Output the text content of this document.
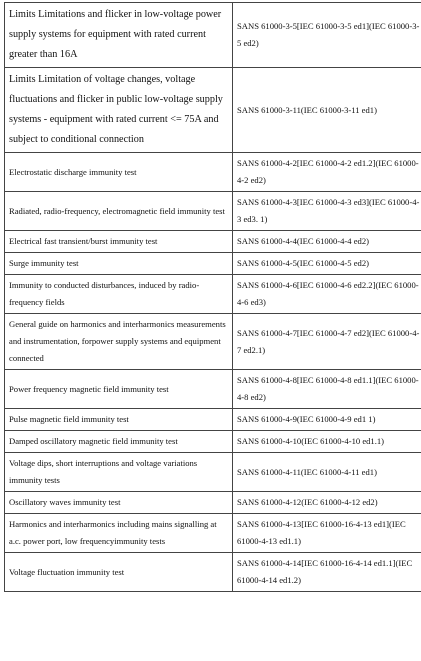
Limits Limitations and flicker in low-voltage power supply systems for equipment with rated current greater than 16A	SANS 61000-3-5[IEC 61000-3-5 ed1](IEC 61000-3-5 ed2)
Limits Limitation of voltage changes, voltage fluctuations and flicker in public low-voltage supply systems - equipment with rated current <= 75A and subject to conditional connection	SANS 61000-3-11(IEC 61000-3-11 ed1)
Electrostatic discharge immunity test	SANS 61000-4-2[IEC 61000-4-2 ed1.2](IEC 61000-4-2 ed2)
Radiated, radio-frequency, electromagnetic field immunity test	SANS 61000-4-3[IEC 61000-4-3 ed3](IEC 61000-4-3 ed3. 1)
Electrical fast transient/burst immunity test	SANS 61000-4-4(IEC 61000-4-4 ed2)
Surge immunity test	SANS 61000-4-5(IEC 61000-4-5 ed2)
Immunity to conducted disturbances, induced by radio-frequency fields	SANS 61000-4-6[IEC 61000-4-6 ed2.2](IEC 61000-4-6 ed3)
General guide on harmonics and interharmonics measurements and instrumentation, forpower supply systems and equipment connected	SANS 61000-4-7[IEC 61000-4-7 ed2](IEC 61000-4-7 ed2.1)
Power frequency magnetic field immunity test	SANS 61000-4-8[IEC 61000-4-8 ed1.1](IEC 61000-4-8 ed2)
Pulse magnetic field immunity test	SANS 61000-4-9(IEC 61000-4-9 ed1 1)
Damped oscillatory magnetic field immunity test	SANS 61000-4-10(IEC 61000-4-10 ed1.1)
Voltage dips, short interruptions and voltage variations immunity tests	SANS 61000-4-11(IEC 61000-4-11 ed1)
Oscillatory waves immunity test	SANS 61000-4-12(IEC 61000-4-12 ed2)
Harmonics and interharmonics including mains signalling at a.c. power port, low frequencyimmunity tests	SANS 61000-4-13[IEC 61000-16-4-13 ed1](IEC 61000-4-13 ed1.1)
Voltage fluctuation immunity test	SANS 61000-4-14[IEC 61000-16-4-14 ed1.1](IEC 61000-4-14 ed1.2)
